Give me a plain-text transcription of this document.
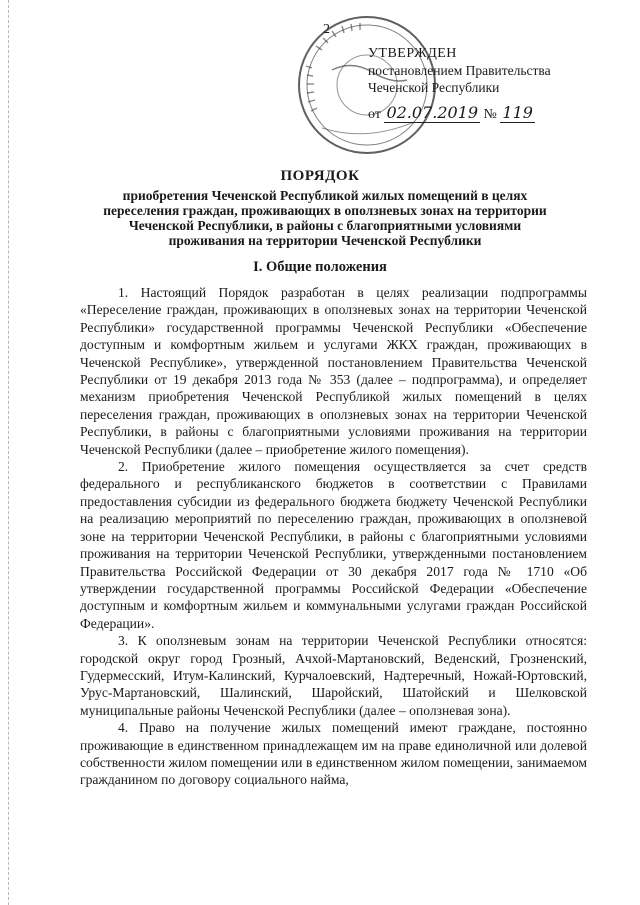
2
УТВЕРЖДЕН
постановлением Правительства
Чеченской Республики
от 02.07.2019 № 119
ПОРЯДОК
приобретения Чеченской Республикой жилых помещений в целях переселения граждан, проживающих в оползневых зонах на территории Чеченской Республики, в районы с благоприятными условиями проживания на территории Чеченской Республики
I. Общие положения

1. Настоящий Порядок разработан в целях реализации подпрограммы «Переселение граждан, проживающих в оползневых зонах на территории Чеченской Республики» государственной программы Чеченской Республики «Обеспечение доступным и комфортным жильем и услугами ЖКХ граждан, проживающих в Чеченской Республике», утвержденной постановлением Правительства Чеченской Республики от 19 декабря 2013 года № 353 (далее – подпрограмма), и определяет механизм приобретения Чеченской Республикой жилых помещений в целях переселения граждан, проживающих в оползневых зонах на территории Чеченской Республики, в районы с благоприятными условиями проживания на территории Чеченской Республики (далее – приобретение жилого помещения).

2. Приобретение жилого помещения осуществляется за счет средств федерального и республиканского бюджетов в соответствии с Правилами предоставления субсидии из федерального бюджета бюджету Чеченской Республики на реализацию мероприятий по переселению граждан, проживающих в оползневой зоне на территории Чеченской Республики, в районы с благоприятными условиями проживания на территории Чеченской Республики, утвержденными постановлением Правительства Российской Федерации от 30 декабря 2017 года № 1710 «Об утверждении государственной программы Российской Федерации «Обеспечение доступным и комфортным жильем и коммунальными услугами граждан Российской Федерации».

3. К оползневым зонам на территории Чеченской Республики относятся: городской округ город Грозный, Ачхой-Мартановский, Веденский, Грозненский, Гудермесский, Итум-Калинский, Курчалоевский, Надтеречный, Ножай-Юртовский, Урус-Мартановский, Шалинский, Шаройский, Шатойский и Шелковской муниципальные районы Чеченской Республики (далее – оползневая зона).

4. Право на получение жилых помещений имеют граждане, постоянно проживающие в единственном принадлежащем им на праве единоличной или долевой собственности жилом помещении или в единственном жилом помещении, занимаемом гражданином по договору социального найма,
